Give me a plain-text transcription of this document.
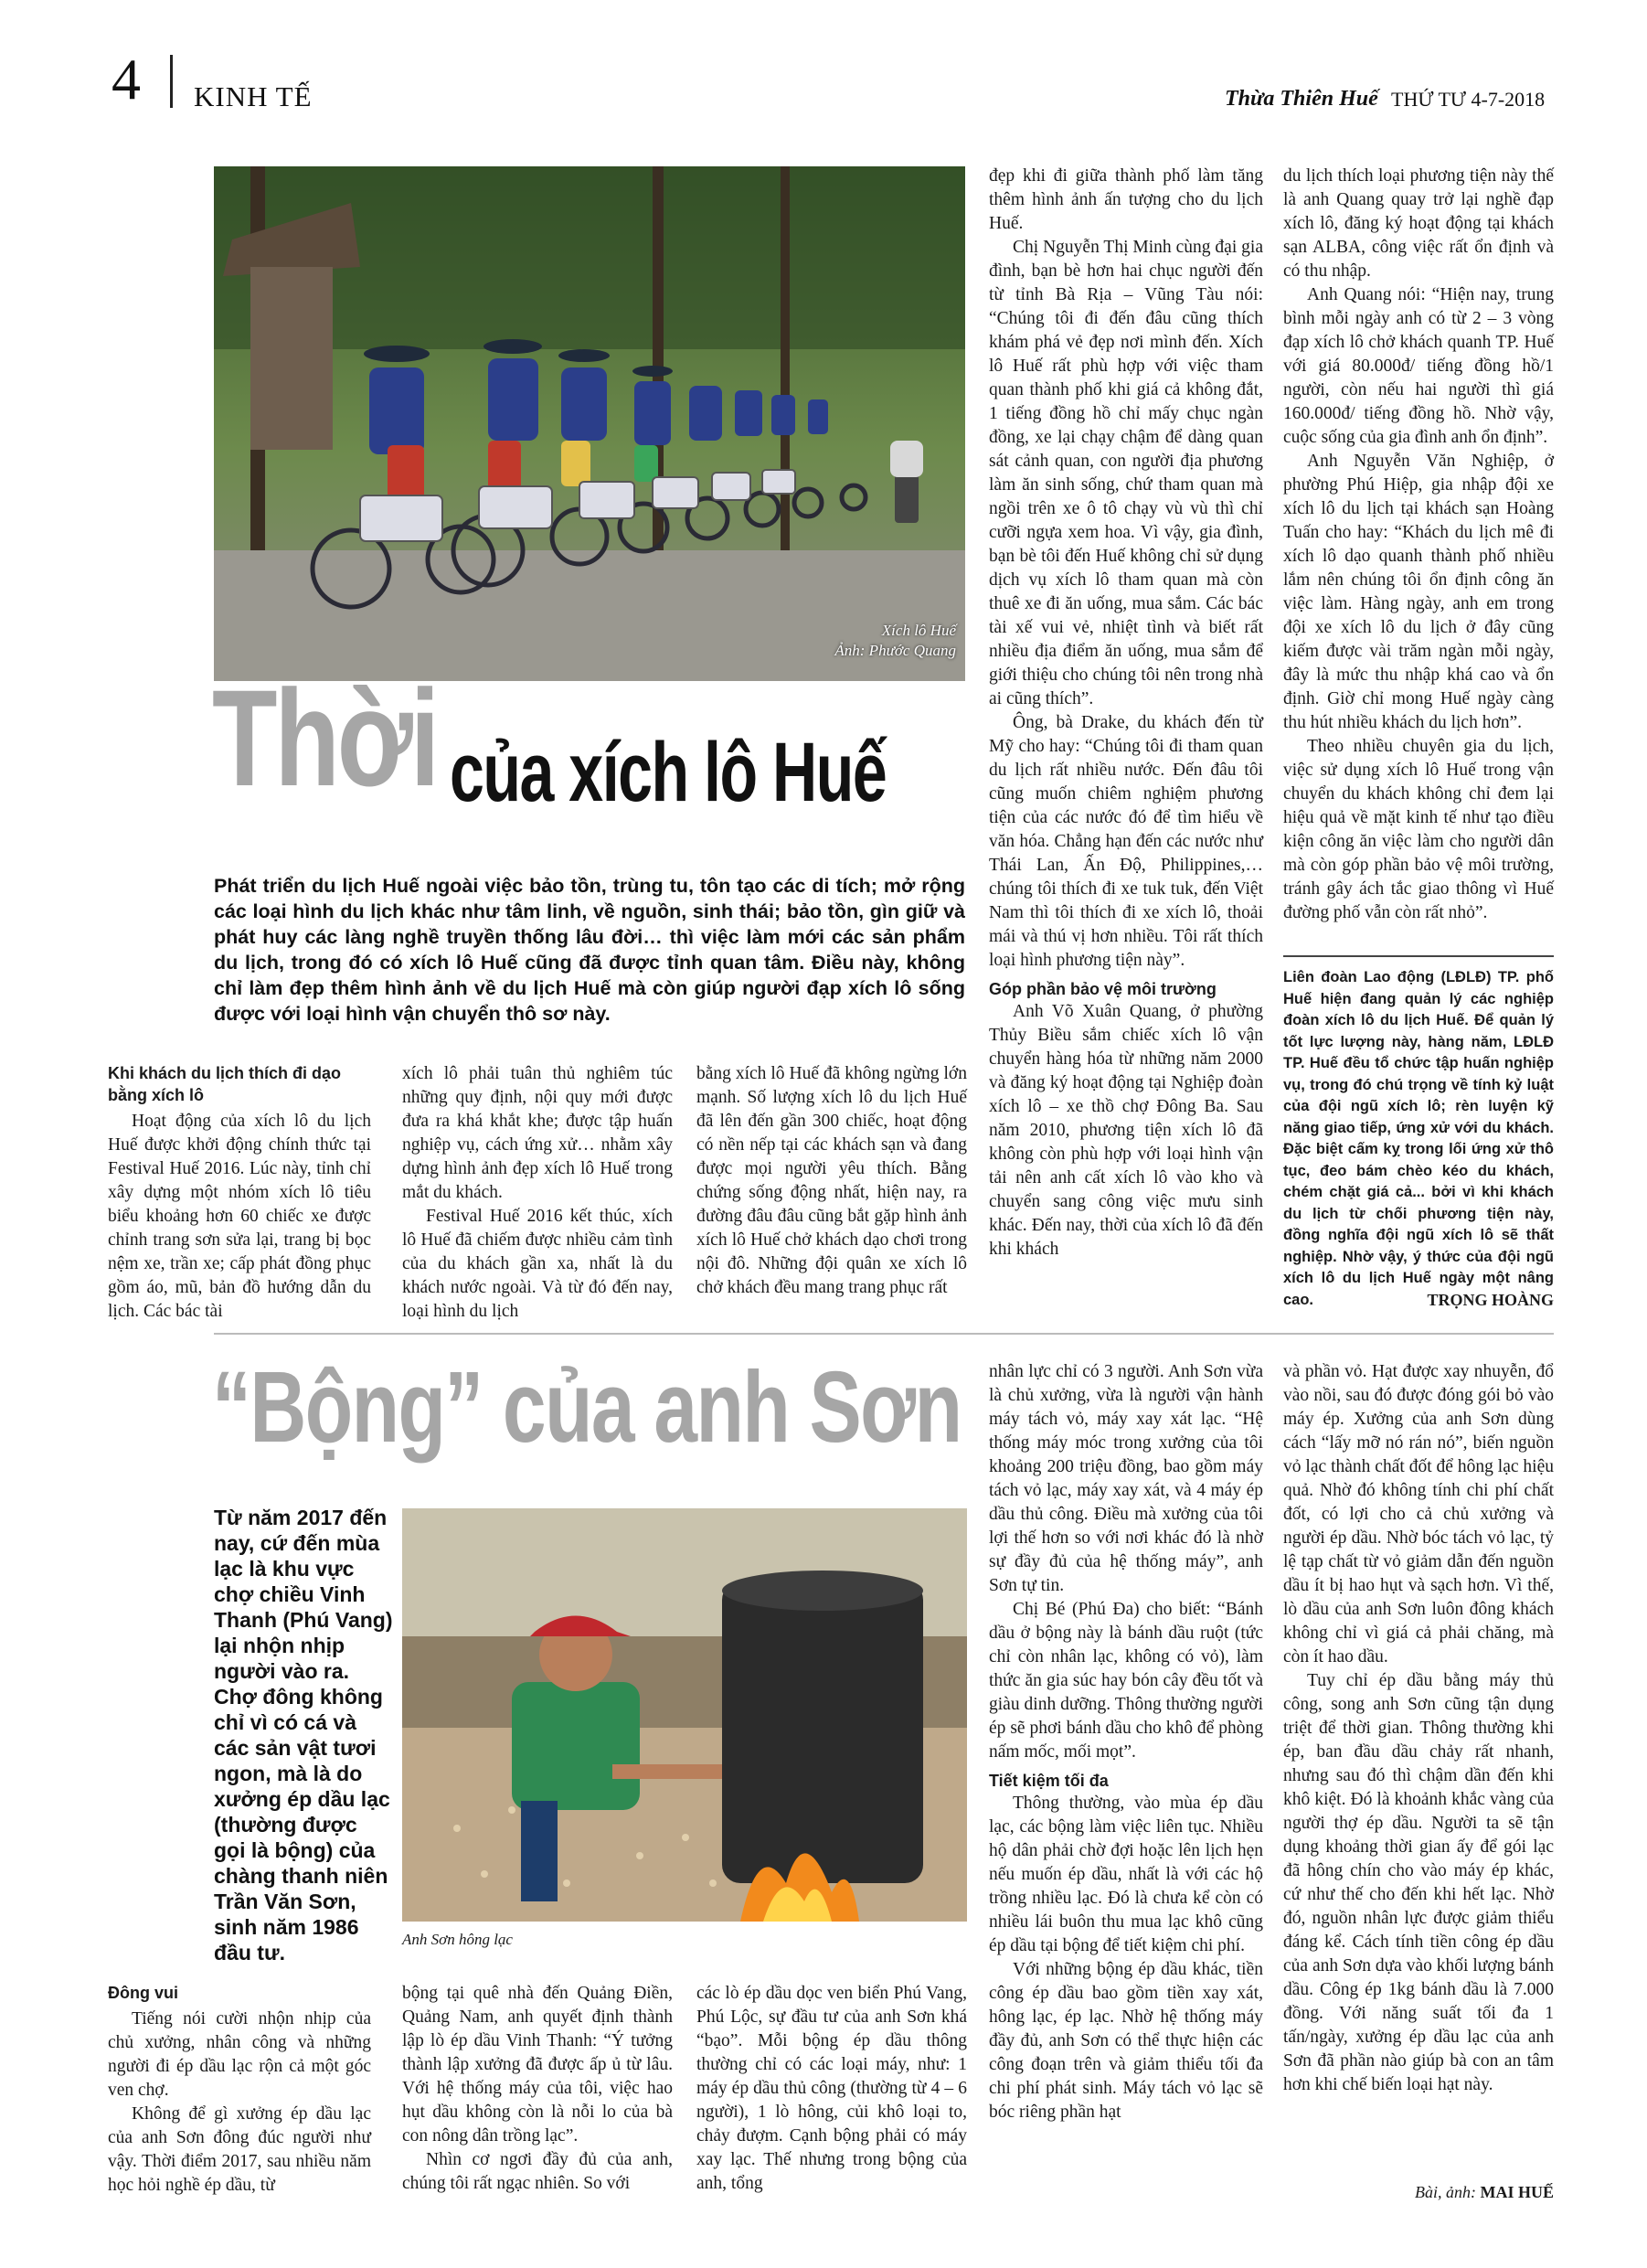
4 KINH TẾ	Thừa Thiên Huế THỨ TƯ 4-7-2018
Xích lô Huế
Ảnh: Phước Quang
Thời của xích lô Huế

Phát triển du lịch Huế ngoài việc bảo tồn, trùng tu, tôn tạo các di tích; mở rộng các loại hình du lịch khác như tâm linh, về nguồn, sinh thái; bảo tồn, gìn giữ và phát huy các làng nghề truyền thống lâu đời… thì việc làm mới các sản phẩm du lịch, trong đó có xích lô Huế cũng đã được tỉnh quan tâm. Điều này, không chỉ làm đẹp thêm hình ảnh về du lịch Huế mà còn giúp người đạp xích lô sống được với loại hình vận chuyển thô sơ này.

Khi khách du lịch thích đi dạo bằng xích lô

Hoạt động của xích lô du lịch Huế được khởi động chính thức tại Festival Huế 2016. Lúc này, tỉnh chỉ xây dựng một nhóm xích lô tiêu biểu khoảng hơn 60 chiếc xe được chỉnh trang sơn sửa lại, trang bị bọc nệm xe, trần xe; cấp phát đồng phục gồm áo, mũ, bản đồ hướng dẫn du lịch. Các bác tài

xích lô phải tuân thủ nghiêm túc những quy định, nội quy mới được đưa ra khá khắt khe; được tập huấn nghiệp vụ, cách ứng xử… nhằm xây dựng hình ảnh đẹp xích lô Huế trong mắt du khách.

Festival Huế 2016 kết thúc, xích lô Huế đã chiếm được nhiều cảm tình của du khách gần xa, nhất là du khách nước ngoài. Và từ đó đến nay, loại hình du lịch

bằng xích lô Huế đã không ngừng lớn mạnh. Số lượng xích lô du lịch Huế đã lên đến gần 300 chiếc, hoạt động có nền nếp tại các khách sạn và đang được mọi người yêu thích. Bằng chứng sống động nhất, hiện nay, ra đường đâu đâu cũng bắt gặp hình ảnh xích lô Huế chở khách dạo chơi trong nội đô. Những đội quân xe xích lô chở khách đều mang trang phục rất

đẹp khi đi giữa thành phố làm tăng thêm hình ảnh ấn tượng cho du lịch Huế.

Chị Nguyễn Thị Minh cùng đại gia đình, bạn bè hơn hai chục người đến từ tỉnh Bà Rịa – Vũng Tàu nói: “Chúng tôi đi đến đâu cũng thích khám phá vẻ đẹp nơi mình đến. Xích lô Huế rất phù hợp với việc tham quan thành phố khi giá cả không đắt, 1 tiếng đồng hồ chỉ mấy chục ngàn đồng, xe lại chạy chậm để dàng quan sát cảnh quan, con người địa phương làm ăn sinh sống, chứ tham quan mà ngồi trên xe ô tô chạy vù vù thì chỉ cưỡi ngựa xem hoa. Vì vậy, gia đình, bạn bè tôi đến Huế không chỉ sử dụng dịch vụ xích lô tham quan mà còn thuê xe đi ăn uống, mua sắm. Các bác tài xế vui vẻ, nhiệt tình và biết rất nhiều địa điểm ăn uống, mua sắm để giới thiệu cho chúng tôi nên trong nhà ai cũng thích”.

Ông, bà Drake, du khách đến từ Mỹ cho hay: “Chúng tôi đi tham quan du lịch rất nhiều nước. Đến đâu tôi cũng muốn chiêm nghiệm phương tiện của các nước đó để tìm hiểu về văn hóa. Chẳng hạn đến các nước như Thái Lan, Ấn Độ, Philippines,… chúng tôi thích đi xe tuk tuk, đến Việt Nam thì tôi thích đi xe xích lô, thoải mái và thú vị hơn nhiều. Tôi rất thích loại hình phương tiện này”.

Góp phần bảo vệ môi trường

Anh Võ Xuân Quang, ở phường Thủy Biều sắm chiếc xích lô vận chuyển hàng hóa từ những năm 2000 và đăng ký hoạt động tại Nghiệp đoàn xích lô – xe thồ chợ Đông Ba. Sau năm 2010, phương tiện xích lô đã không còn phù hợp với loại hình vận tải nên anh cất xích lô vào kho và chuyển sang công việc mưu sinh khác. Đến nay, thời của xích lô đã đến khi khách

du lịch thích loại phương tiện này thế là anh Quang quay trở lại nghề đạp xích lô, đăng ký hoạt động tại khách sạn ALBA, công việc rất ổn định và có thu nhập.

Anh Quang nói: “Hiện nay, trung bình mỗi ngày anh có từ 2 – 3 vòng đạp xích lô chở khách quanh TP. Huế với giá 80.000đ/ tiếng đồng hồ/1 người, còn nếu hai người thì giá 160.000đ/ tiếng đồng hồ. Nhờ vậy, cuộc sống của gia đình anh ổn định”.

Anh Nguyễn Văn Nghiệp, ở phường Phú Hiệp, gia nhập đội xe xích lô du lịch tại khách sạn Hoàng Tuấn cho hay: “Khách du lịch mê đi xích lô dạo quanh thành phố nhiều lắm nên chúng tôi ổn định công ăn việc làm. Hàng ngày, anh em trong đội xe xích lô du lịch ở đây cũng kiếm được vài trăm ngàn mỗi ngày, đây là mức thu nhập khá cao và ổn định. Giờ chỉ mong Huế ngày càng thu hút nhiều khách du lịch hơn”.

Theo nhiều chuyên gia du lịch, việc sử dụng xích lô Huế trong vận chuyển du khách không chỉ đem lại hiệu quả về mặt kinh tế như tạo điều kiện công ăn việc làm cho người dân mà còn góp phần bảo vệ môi trường, tránh gây ách tắc giao thông vì Huế đường phố vẫn còn rất nhỏ”.

Liên đoàn Lao động (LĐLĐ) TP. phố Huế hiện đang quản lý các nghiệp đoàn xích lô du lịch Huế. Để quản lý tốt lực lượng này, hàng năm, LĐLĐ TP. Huế đều tổ chức tập huấn nghiệp vụ, trong đó chú trọng về tính kỷ luật của đội ngũ xích lô; rèn luyện kỹ năng giao tiếp, ứng xử với du khách. Đặc biệt cấm kỵ trong lối ứng xử thô tục, đeo bám chèo kéo du khách, chém chặt giá cả... bởi vì khi khách du lịch từ chối phương tiện này, đồng nghĩa đội ngũ xích lô sẽ thất nghiệp. Nhờ vậy, ý thức của đội ngũ xích lô du lịch Huế ngày một nâng cao.	TRỌNG HOÀNG
“Bộng” của anh Sơn

Từ năm 2017 đến nay, cứ đến mùa lạc là khu vực chợ chiều Vinh Thanh (Phú Vang) lại nhộn nhịp người vào ra. Chợ đông không chỉ vì có cá và các sản vật tươi ngon, mà là do xưởng ép dầu lạc (thường được gọi là bộng) của chàng thanh niên Trần Văn Sơn, sinh năm 1986 đầu tư.

Anh Sơn hông lạc

Đông vui

Tiếng nói cười nhộn nhịp của chủ xưởng, nhân công và những người đi ép dầu lạc rộn cả một góc ven chợ.

Không để gì xưởng ép dầu lạc của anh Sơn đông đúc người như vậy. Thời điểm 2017, sau nhiều năm học hỏi nghề ép dầu, từ

bộng tại quê nhà đến Quảng Điền, Quảng Nam, anh quyết định thành lập lò ép dầu Vinh Thanh: “Ý tưởng thành lập xưởng đã được ấp ủ từ lâu. Với hệ thống máy của tôi, việc hao hụt dầu không còn là nỗi lo của bà con nông dân trồng lạc”.

Nhìn cơ ngơi đầy đủ của anh, chúng tôi rất ngạc nhiên. So với

các lò ép dầu dọc ven biển Phú Vang, Phú Lộc, sự đầu tư của anh Sơn khá “bạo”. Mỗi bộng ép dầu thông thường chỉ có các loại máy, như: 1 máy ép dầu thủ công (thường từ 4 – 6 người), 1 lò hông, củi khô loại to, chảy đượm. Cạnh bộng phải có máy xay lạc. Thế nhưng trong bộng của anh, tổng

nhân lực chỉ có 3 người. Anh Sơn vừa là chủ xưởng, vừa là người vận hành máy tách vỏ, máy xay xát lạc. “Hệ thống máy móc trong xưởng của tôi khoảng 200 triệu đồng, bao gồm máy tách vỏ lạc, máy xay xát, và 4 máy ép dầu thủ công. Điều mà xưởng của tôi lợi thế hơn so với nơi khác đó là nhờ sự đầy đủ của hệ thống máy”, anh Sơn tự tin.

Chị Bé (Phú Đa) cho biết: “Bánh dầu ở bộng này là bánh dầu ruột (tức chỉ còn nhân lạc, không có vỏ), làm thức ăn gia súc hay bón cây đều tốt và giàu dinh dưỡng. Thông thường người ép sẽ phơi bánh dầu cho khô để phòng nấm mốc, mối mọt”.

Tiết kiệm tối đa

Thông thường, vào mùa ép dầu lạc, các bộng làm việc liên tục. Nhiều hộ dân phải chờ đợi hoặc lên lịch hẹn nếu muốn ép dầu, nhất là với các hộ trồng nhiều lạc. Đó là chưa kể còn có nhiều lái buôn thu mua lạc khô cũng ép dầu tại bộng để tiết kiệm chi phí.

Với những bộng ép dầu khác, tiền công ép dầu bao gồm tiền xay xát, hông lạc, ép lạc. Nhờ hệ thống máy đầy đủ, anh Sơn có thể thực hiện các công đoạn trên và giảm thiểu tối đa chi phí phát sinh. Máy tách vỏ lạc sẽ bóc riêng phần hạt

và phần vỏ. Hạt được xay nhuyễn, đổ vào nồi, sau đó được đóng gói bỏ vào máy ép. Xưởng của anh Sơn dùng cách “lấy mỡ nó rán nó”, biến nguồn vỏ lạc thành chất đốt để hông lạc hiệu quả. Nhờ đó không tính chi phí chất đốt, có lợi cho cả chủ xưởng và người ép dầu. Nhờ bóc tách vỏ lạc, tỷ lệ tạp chất từ vỏ giảm dẫn đến nguồn dầu ít bị hao hụt và sạch hơn. Vì thế, lò dầu của anh Sơn luôn đông khách không chỉ vì giá cả phải chăng, mà còn ít hao dầu.

Tuy chỉ ép dầu bằng máy thủ công, song anh Sơn cũng tận dụng triệt để thời gian. Thông thường khi ép, ban đầu dầu chảy rất nhanh, nhưng sau đó thì chậm dần đến khi khô kiệt. Đó là khoảnh khắc vàng của người thợ ép dầu. Người ta sẽ tận dụng khoảng thời gian ấy để gói lạc đã hông chín cho vào máy ép khác, cứ như thế cho đến khi hết lạc. Nhờ đó, nguồn nhân lực được giảm thiểu đáng kể. Cách tính tiền công ép dầu của anh Sơn dựa vào khối lượng bánh dầu. Công ép 1kg bánh dầu là 7.000 đồng. Với năng suất tối đa 1 tấn/ngày, xưởng ép dầu lạc của anh Sơn đã phần nào giúp bà con an tâm hơn khi chế biến loại hạt này.

Bài, ảnh: MAI HUẾ
